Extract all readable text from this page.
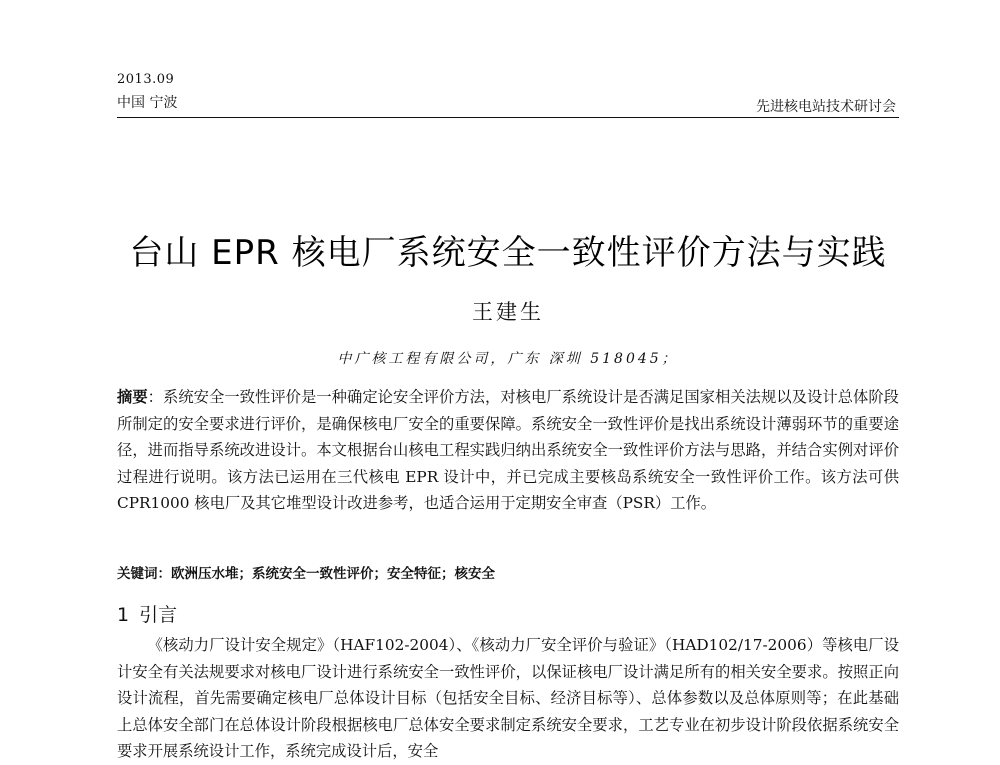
2013.09
中国 宁波	先进核电站技术研讨会
台山 EPR 核电厂系统安全一致性评价方法与实践
王建生
中广核工程有限公司，广东 深圳 518045；
摘要：系统安全一致性评价是一种确定论安全评价方法，对核电厂系统设计是否满足国家相关法规以及设计总体阶段所制定的安全要求进行评价，是确保核电厂安全的重要保障。系统安全一致性评价是找出系统设计薄弱环节的重要途径，进而指导系统改进设计。本文根据台山核电工程实践归纳出系统安全一致性评价方法与思路，并结合实例对评价过程进行说明。该方法已运用在三代核电 EPR 设计中，并已完成主要核岛系统安全一致性评价工作。该方法可供 CPR1000 核电厂及其它堆型设计改进参考，也适合运用于定期安全审查（PSR）工作。
关键词：欧洲压水堆；系统安全一致性评价；安全特征；核安全
1 引言

《核动力厂设计安全规定》（HAF102-2004）、《核动力厂安全评价与验证》（HAD102/17-2006）等核电厂设计安全有关法规要求对核电厂设计进行系统安全一致性评价，以保证核电厂设计满足所有的相关安全要求。按照正向设计流程，首先需要确定核电厂总体设计目标（包括安全目标、经济目标等）、总体参数以及总体原则等；在此基础上总体安全部门在总体设计阶段根据核电厂总体安全要求制定系统安全要求，工艺专业在初步设计阶段依据系统安全要求开展系统设计工作，系统完成设计后，安全
